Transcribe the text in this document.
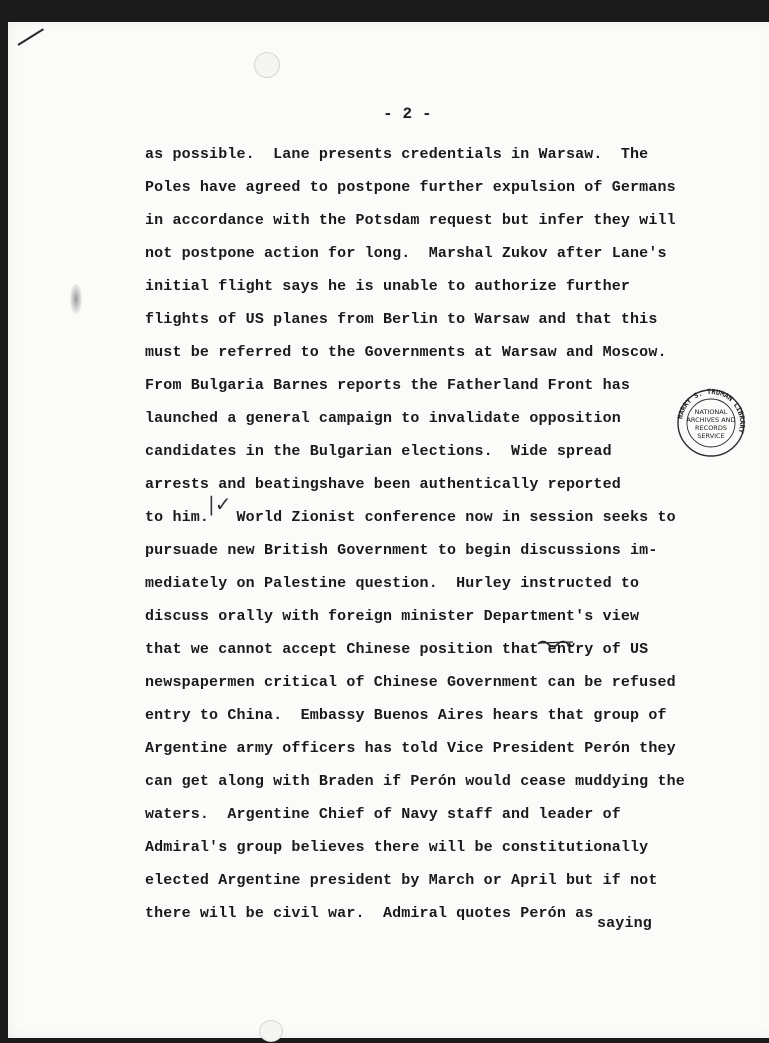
- 2 -
as possible.  Lane presents credentials in Warsaw.  The
Poles have agreed to postpone further expulsion of Germans
in accordance with the Potsdam request but infer they will
not postpone action for long.  Marshal Zukov after Lane's
initial flight says he is unable to authorize further
flights of US planes from Berlin to Warsaw and that this
must be referred to the Governments at Warsaw and Moscow.
From Bulgaria Barnes reports the Fatherland Front has
launched a general campaign to invalidate opposition
candidates in the Bulgarian elections.  Wide spread
arrests and beatingshave been authentically reported
to him.   World Zionist conference now in session seeks to
pursuade new British Government to begin discussions im-
mediately on Palestine question.  Hurley instructed to
discuss orally with foreign minister Department's view
that we cannot accept Chinese position that entry of US
newspapermen critical of Chinese Government can be refused
entry to China.  Embassy Buenos Aires hears that group of
Argentine army officers has told Vice President Perón they
can get along with Braden if Perón would cease muddying the
waters.  Argentine Chief of Navy staff and leader of
Admiral's group believes there will be constitutionally
elected Argentine president by March or April but if not
there will be civil war.  Admiral quotes Perón as
saying
|✓
HARRY S. TRUMAN LIBRARY
NATIONAL
ARCHIVES AND
RECORDS
SERVICE
